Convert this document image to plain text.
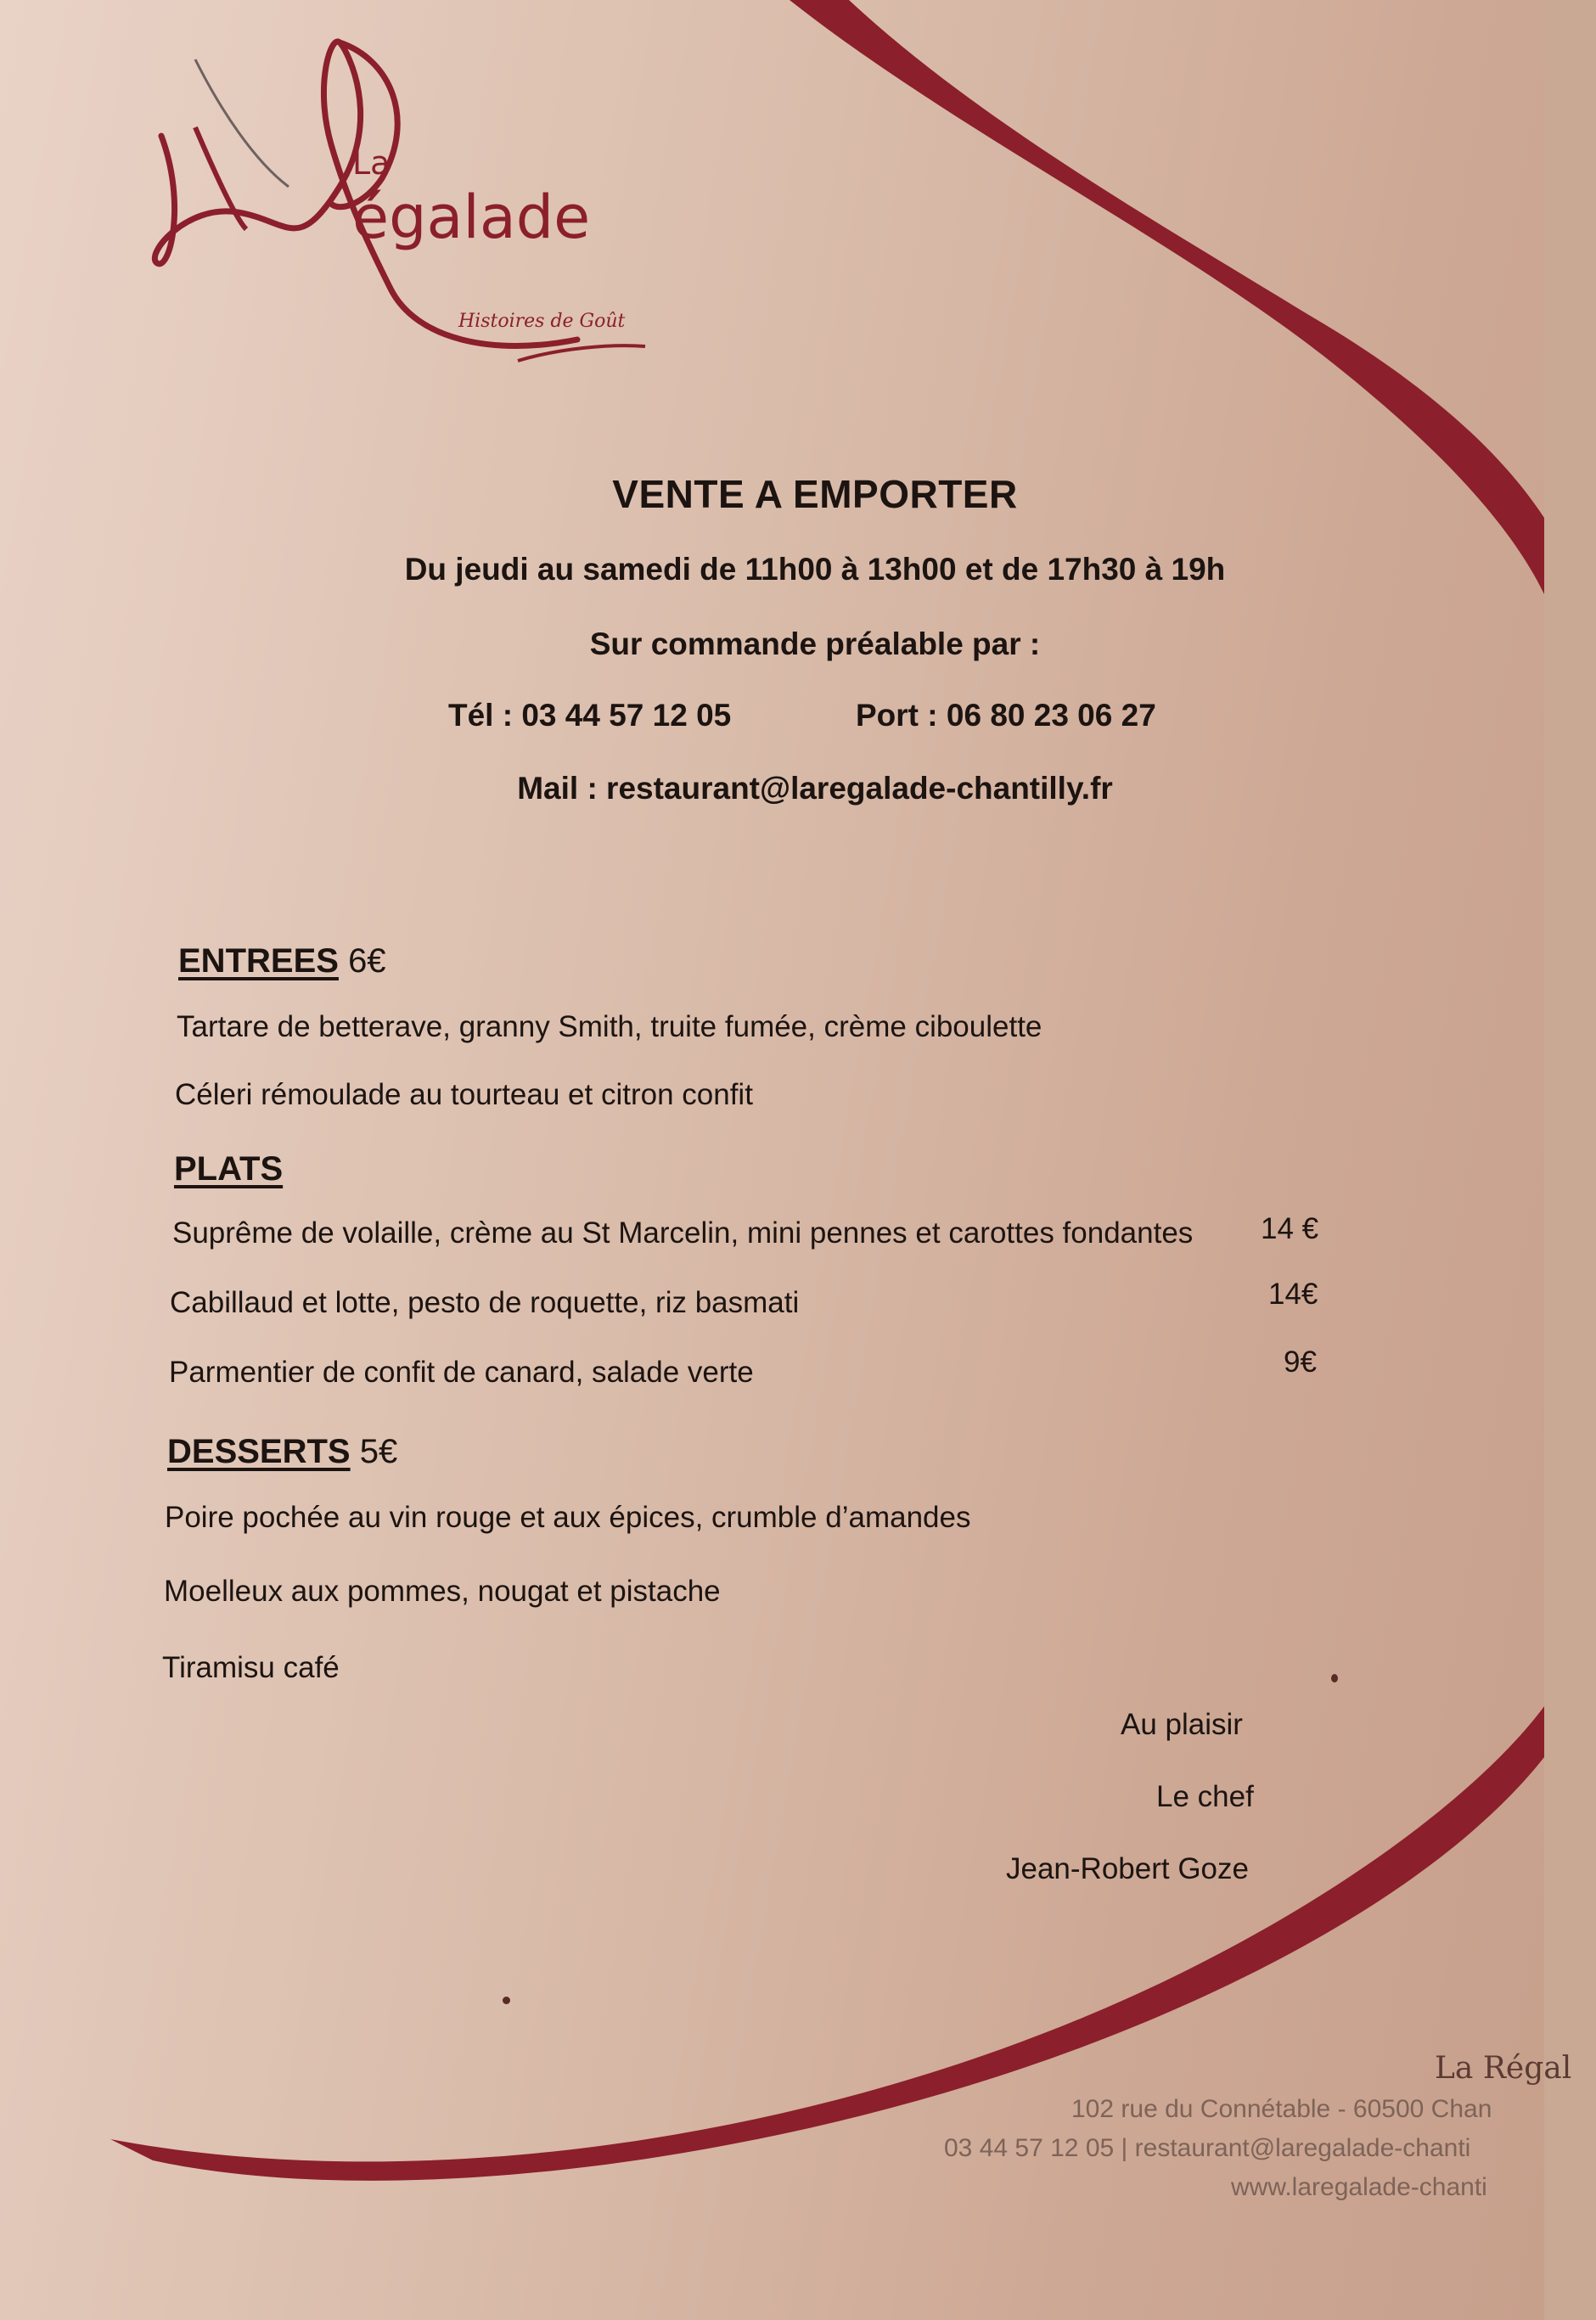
égalade
La
Histoires de Goût
VENTE A EMPORTER
Du jeudi au samedi de 11h00 à 13h00 et de 17h30 à 19h
Sur commande préalable par :
Tél : 03 44 57 12 05	Port : 06 80 23 06 27
Mail : restaurant@laregalade-chantilly.fr
ENTREES 6€
Tartare de betterave, granny Smith, truite fumée, crème ciboulette
Céleri rémoulade au tourteau et citron confit
PLATS
Suprême de volaille, crème au St Marcelin, mini pennes et carottes fondantes 14 €
Cabillaud et lotte, pesto de roquette, riz basmati	14€
Parmentier de confit de canard, salade verte	9€
DESSERTS 5€
Poire pochée au vin rouge et aux épices, crumble d’amandes
Moelleux aux pommes, nougat et pistache
Tiramisu café
Au plaisir
Le chef
Jean-Robert Goze
La Régal
102 rue du Connétable - 60500 Chan
03 44 57 12 05 | restaurant@laregalade-chanti
www.laregalade-chanti
